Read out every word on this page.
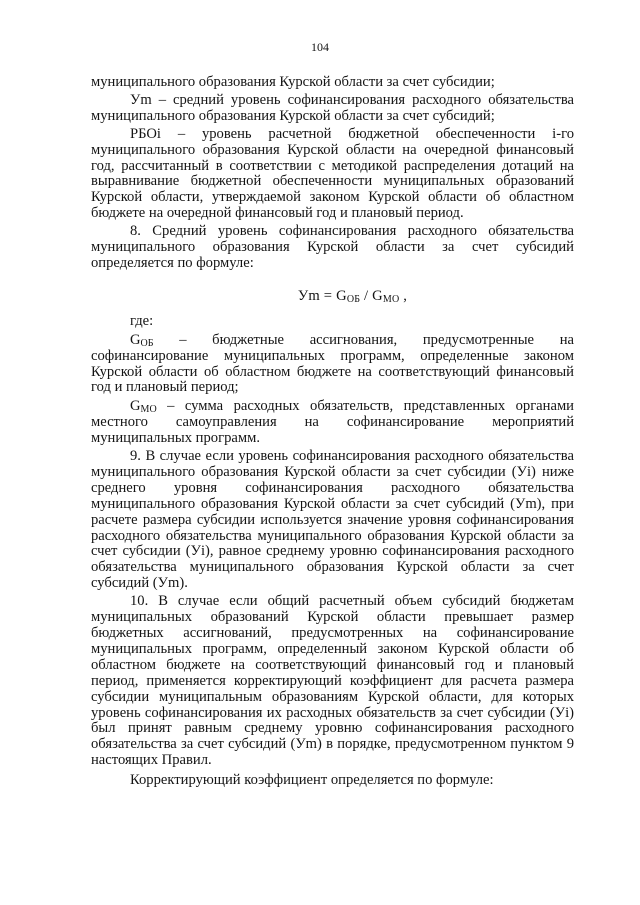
104

муниципального образования Курской области за счет субсидии;

Уm – средний уровень софинансирования расходного обязательства муниципального образования Курской области за счет субсидий;

РБОi – уровень расчетной бюджетной обеспеченности i-го муниципального образования Курской области на очередной финансовый год, рассчитанный в соответствии с методикой распределения дотаций на выравнивание бюджетной обеспеченности муниципальных образований Курской области, утверждаемой законом Курской области об областном бюджете на очередной финансовый год и плановый период.

8. Средний уровень софинансирования расходного обязательства муниципального образования Курской области за счет субсидий определяется по формуле:

Уm = $G_{ОБ} / G_{МО}$ ,

где:

$G_{ОБ}$ – бюджетные ассигнования, предусмотренные на софинансирование муниципальных программ, определенные законом Курской области об областном бюджете на соответствующий финансовый год и плановый период;

$G_{МО}$ – сумма расходных обязательств, представленных органами местного самоуправления на софинансирование мероприятий муниципальных программ.

9. В случае если уровень софинансирования расходного обязательства муниципального образования Курской области за счет субсидии (Уi) ниже среднего уровня софинансирования расходного обязательства муниципального образования Курской области за счет субсидий (Уm), при расчете размера субсидии используется значение уровня софинансирования расходного обязательства муниципального образования Курской области за счет субсидии (Уi), равное среднему уровню софинансирования расходного обязательства муниципального образования Курской области за счет субсидий (Уm).

10. В случае если общий расчетный объем субсидий бюджетам муниципальных образований Курской области превышает размер бюджетных ассигнований, предусмотренных на софинансирование муниципальных программ, определенный законом Курской области об областном бюджете на соответствующий финансовый год и плановый период, применяется корректирующий коэффициент для расчета размера субсидии муниципальным образованиям Курской области, для которых уровень софинансирования их расходных обязательств за счет субсидии (Уi) был принят равным среднему уровню софинансирования расходного обязательства за счет субсидий (Уm) в порядке, предусмотренном пунктом 9 настоящих Правил.

Корректирующий коэффициент определяется по формуле:
